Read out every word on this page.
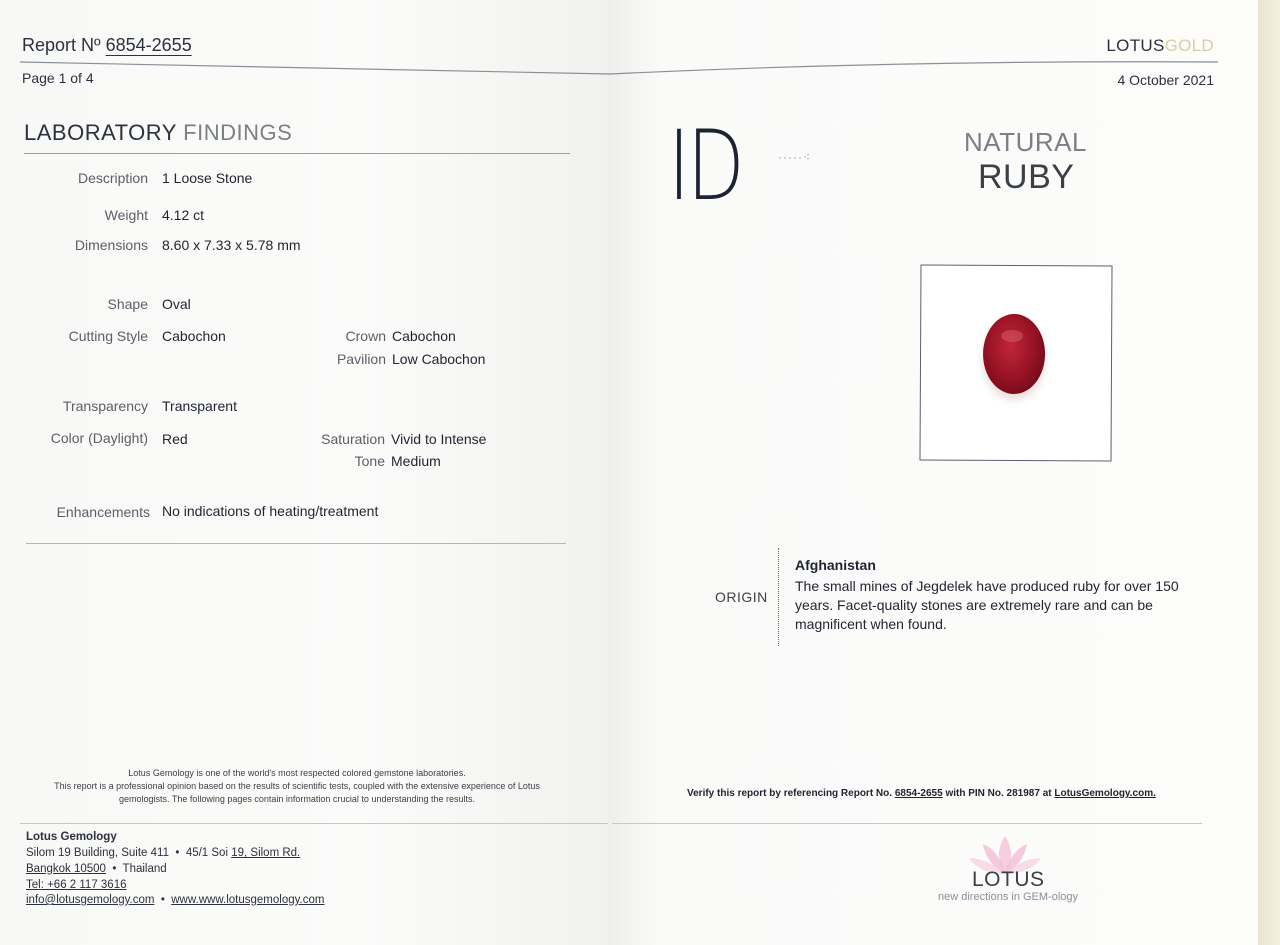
Report Nº 6854-2655
Page 1 of 4
LABORATORY FINDINGS
Description 1 Loose Stone
Weight 4.12 ct
Dimensions 8.60 x 7.33 x 5.78 mm
Shape Oval
Cutting Style Cabochon	Crown Cabochon
Pavilion Low Cabochon
Transparency Transparent
Color (Daylight) Red	Saturation Vivid to Intense
Tone Medium
Enhancements No indications of heating/treatment
Lotus Gemology is one of the world's most respected colored gemstone laboratories.
This report is a professional opinion based on the results of scientific tests, coupled with the extensive experience of Lotus gemologists. The following pages contain information crucial to understanding the results.
Lotus Gemology
Silom 19 Building, Suite 411  •  45/1 Soi 19, Silom Rd.
Bangkok 10500  •  Thailand
Tel: +66 2 117 3616
info@lotusgemology.com  •  www.www.lotusgemology.com
LOTUSGOLD
4 October 2021
ID	·····⁖	NATURAL
RUBY
ORIGIN
Afghanistan
The small mines of Jegdelek have produced ruby for over 150 years. Facet-quality stones are extremely rare and can be magnificent when found.
Verify this report by referencing Report No. 6854-2655 with PIN No. 281987 at LotusGemology.com.
LOTUS
new directions in GEM-ology
